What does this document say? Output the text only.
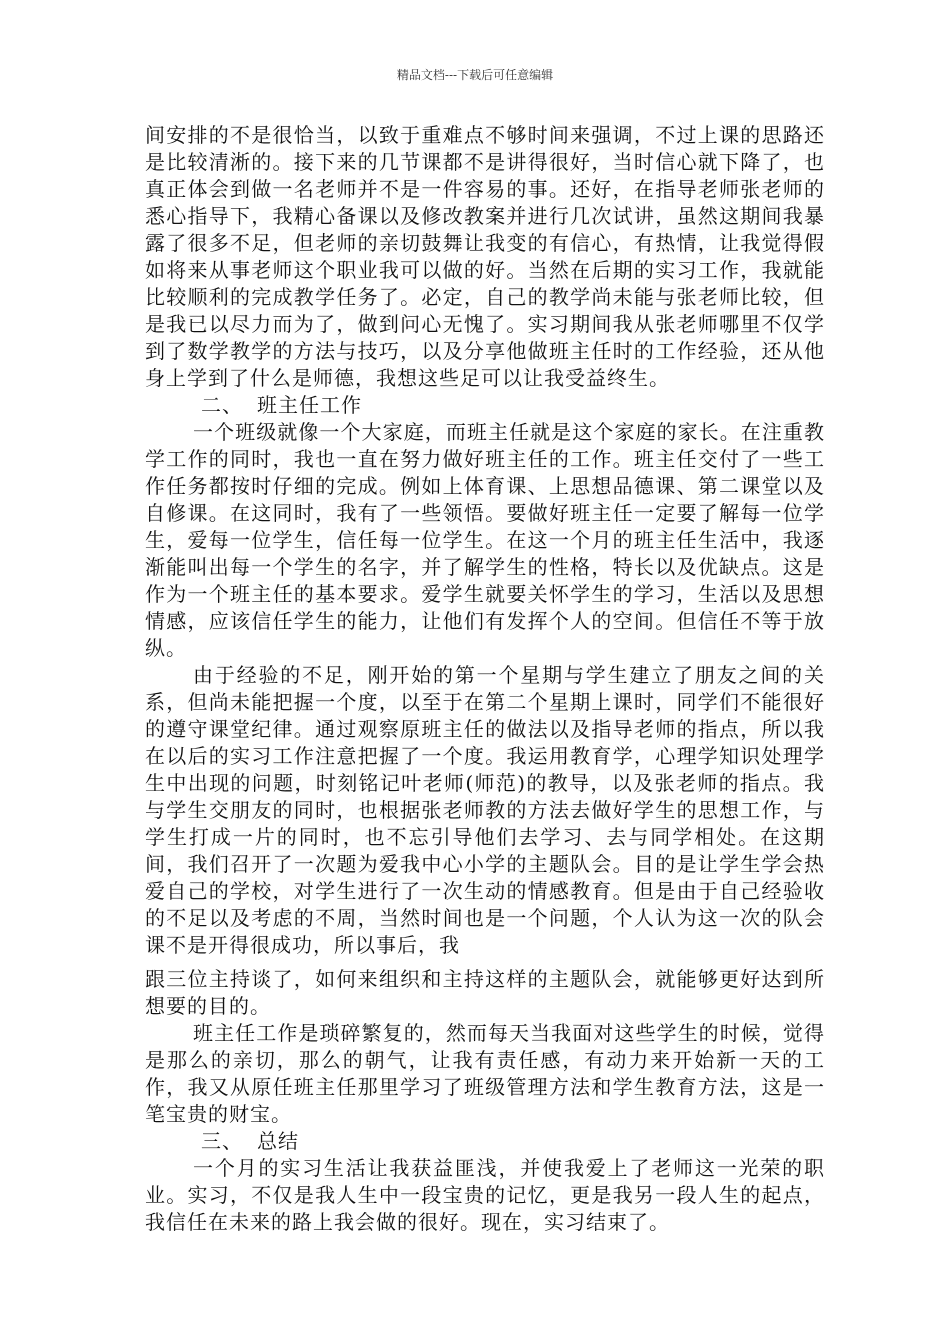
精品文档---下载后可任意编辑

间安排的不是很恰当，以致于重难点不够时间来强调，不过上课的思路还是比较清淅的。接下来的几节课都不是讲得很好，当时信心就下降了，也真正体会到做一名老师并不是一件容易的事。还好，在指导老师张老师的悉心指导下，我精心备课以及修改教案并进行几次试讲，虽然这期间我暴露了很多不足，但老师的亲切鼓舞让我变的有信心，有热情，让我觉得假如将来从事老师这个职业我可以做的好。当然在后期的实习工作，我就能比较顺利的完成教学任务了。必定，自己的教学尚未能与张老师比较，但是我已以尽力而为了，做到问心无愧了。实习期间我从张老师哪里不仅学到了数学教学的方法与技巧，以及分享他做班主任时的工作经验，还从他身上学到了什么是师德，我想这些足可以让我受益终生。

二、 班主任工作

一个班级就像一个大家庭，而班主任就是这个家庭的家长。在注重教学工作的同时，我也一直在努力做好班主任的工作。班主任交付了一些工作任务都按时仔细的完成。例如上体育课、上思想品德课、第二课堂以及自修课。在这同时，我有了一些领悟。要做好班主任一定要了解每一位学生，爱每一位学生，信任每一位学生。在这一个月的班主任生活中，我逐渐能叫出每一个学生的名字，并了解学生的性格，特长以及优缺点。这是作为一个班主任的基本要求。爱学生就要关怀学生的学习，生活以及思想情感，应该信任学生的能力，让他们有发挥个人的空间。但信任不等于放纵。

由于经验的不足，刚开始的第一个星期与学生建立了朋友之间的关系，但尚未能把握一个度，以至于在第二个星期上课时，同学们不能很好的遵守课堂纪律。通过观察原班主任的做法以及指导老师的指点，所以我在以后的实习工作注意把握了一个度。我运用教育学，心理学知识处理学生中出现的问题，时刻铭记叶老师(师范)的教导，以及张老师的指点。我与学生交朋友的同时，也根据张老师教的方法去做好学生的思想工作，与学生打成一片的同时，也不忘引导他们去学习、去与同学相处。在这期间，我们召开了一次题为爱我中心小学的主题队会。目的是让学生学会热爱自己的学校，对学生进行了一次生动的情感教育。但是由于自己经验收的不足以及考虑的不周，当然时间也是一个问题，个人认为这一次的队会课不是开得很成功，所以事后，我

跟三位主持谈了，如何来组织和主持这样的主题队会，就能够更好达到所想要的目的。

班主任工作是琐碎繁复的，然而每天当我面对这些学生的时候，觉得是那么的亲切，那么的朝气，让我有责任感，有动力来开始新一天的工作，我又从原任班主任那里学习了班级管理方法和学生教育方法，这是一笔宝贵的财宝。

三、 总结

一个月的实习生活让我获益匪浅，并使我爱上了老师这一光荣的职业。实习，不仅是我人生中一段宝贵的记忆，更是我另一段人生的起点，我信任在未来的路上我会做的很好。现在，实习结束了。
